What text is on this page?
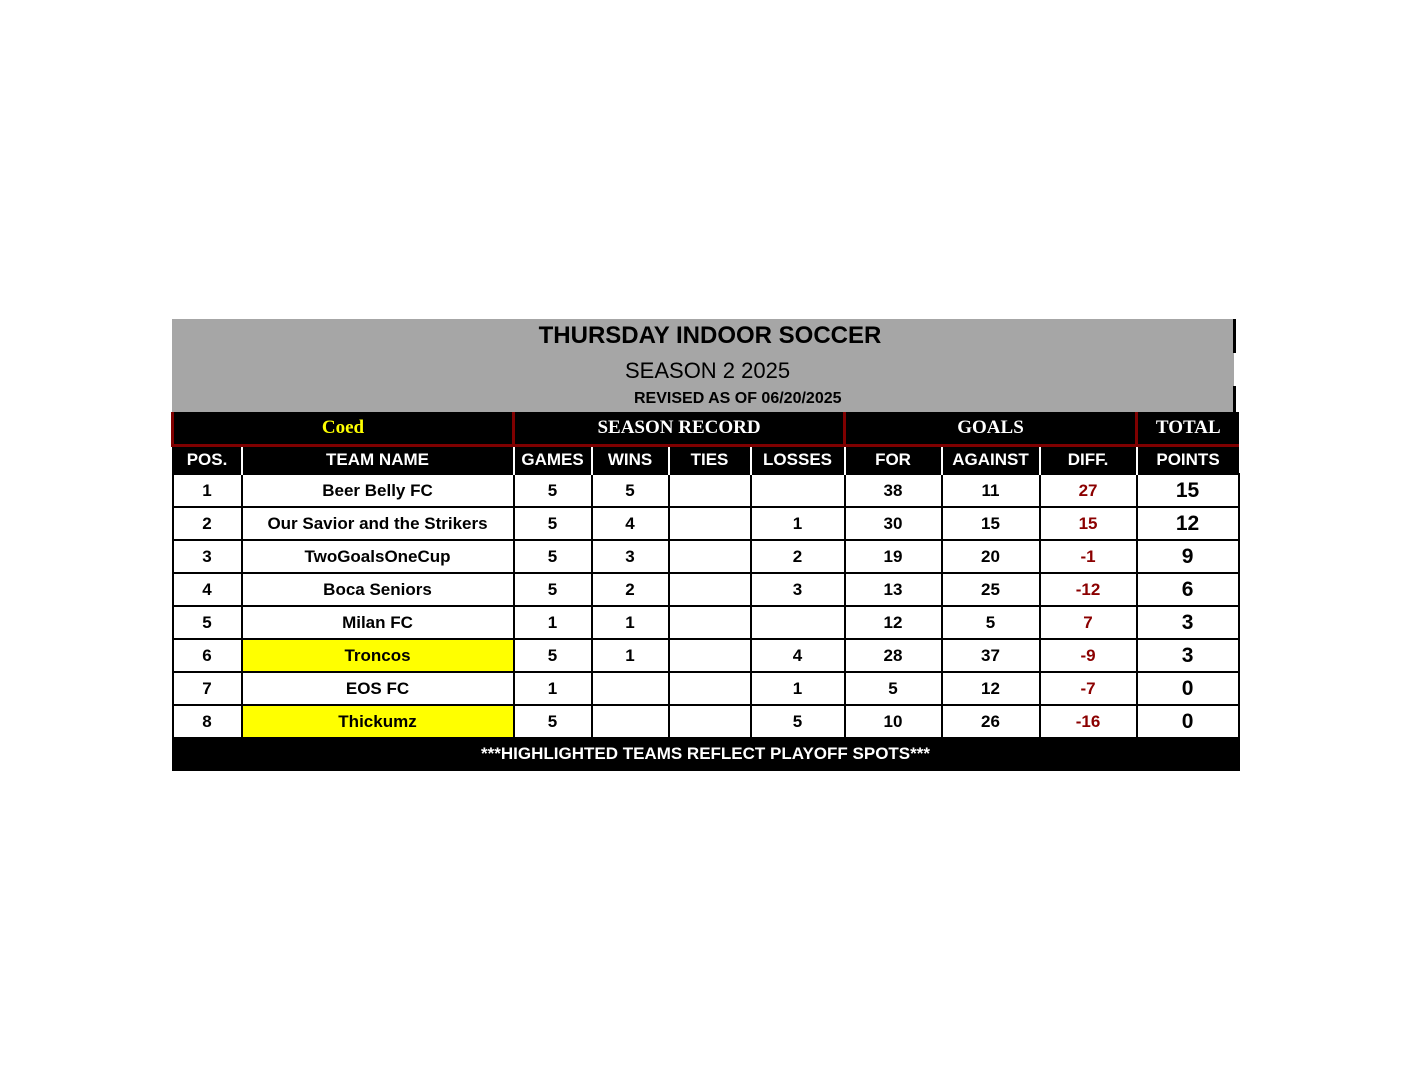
THURSDAY INDOOR SOCCER
SEASON 2 2025
REVISED AS OF 06/20/2025
Coed		SEASON RECORD				GOALS			TOTAL
POS.	TEAM NAME	GAMES	WINS	TIES	LOSSES	FOR	AGAINST	DIFF.	POINTS
1	Beer Belly FC	5	5			38	11	27	15
2	Our Savior and the Strikers	5	4		1	30	15	15	12
3	TwoGoalsOneCup	5	3		2	19	20	-1	9
4	Boca Seniors	5	2		3	13	25	-12	6
5	Milan FC	1	1			12	5	7	3
6	Troncos	5	1		4	28	37	-9	3
7	EOS FC	1			1	5	12	-7	0
8	Thickumz	5			5	10	26	-16	0
***HIGHLIGHTED TEAMS REFLECT PLAYOFF SPOTS***									
